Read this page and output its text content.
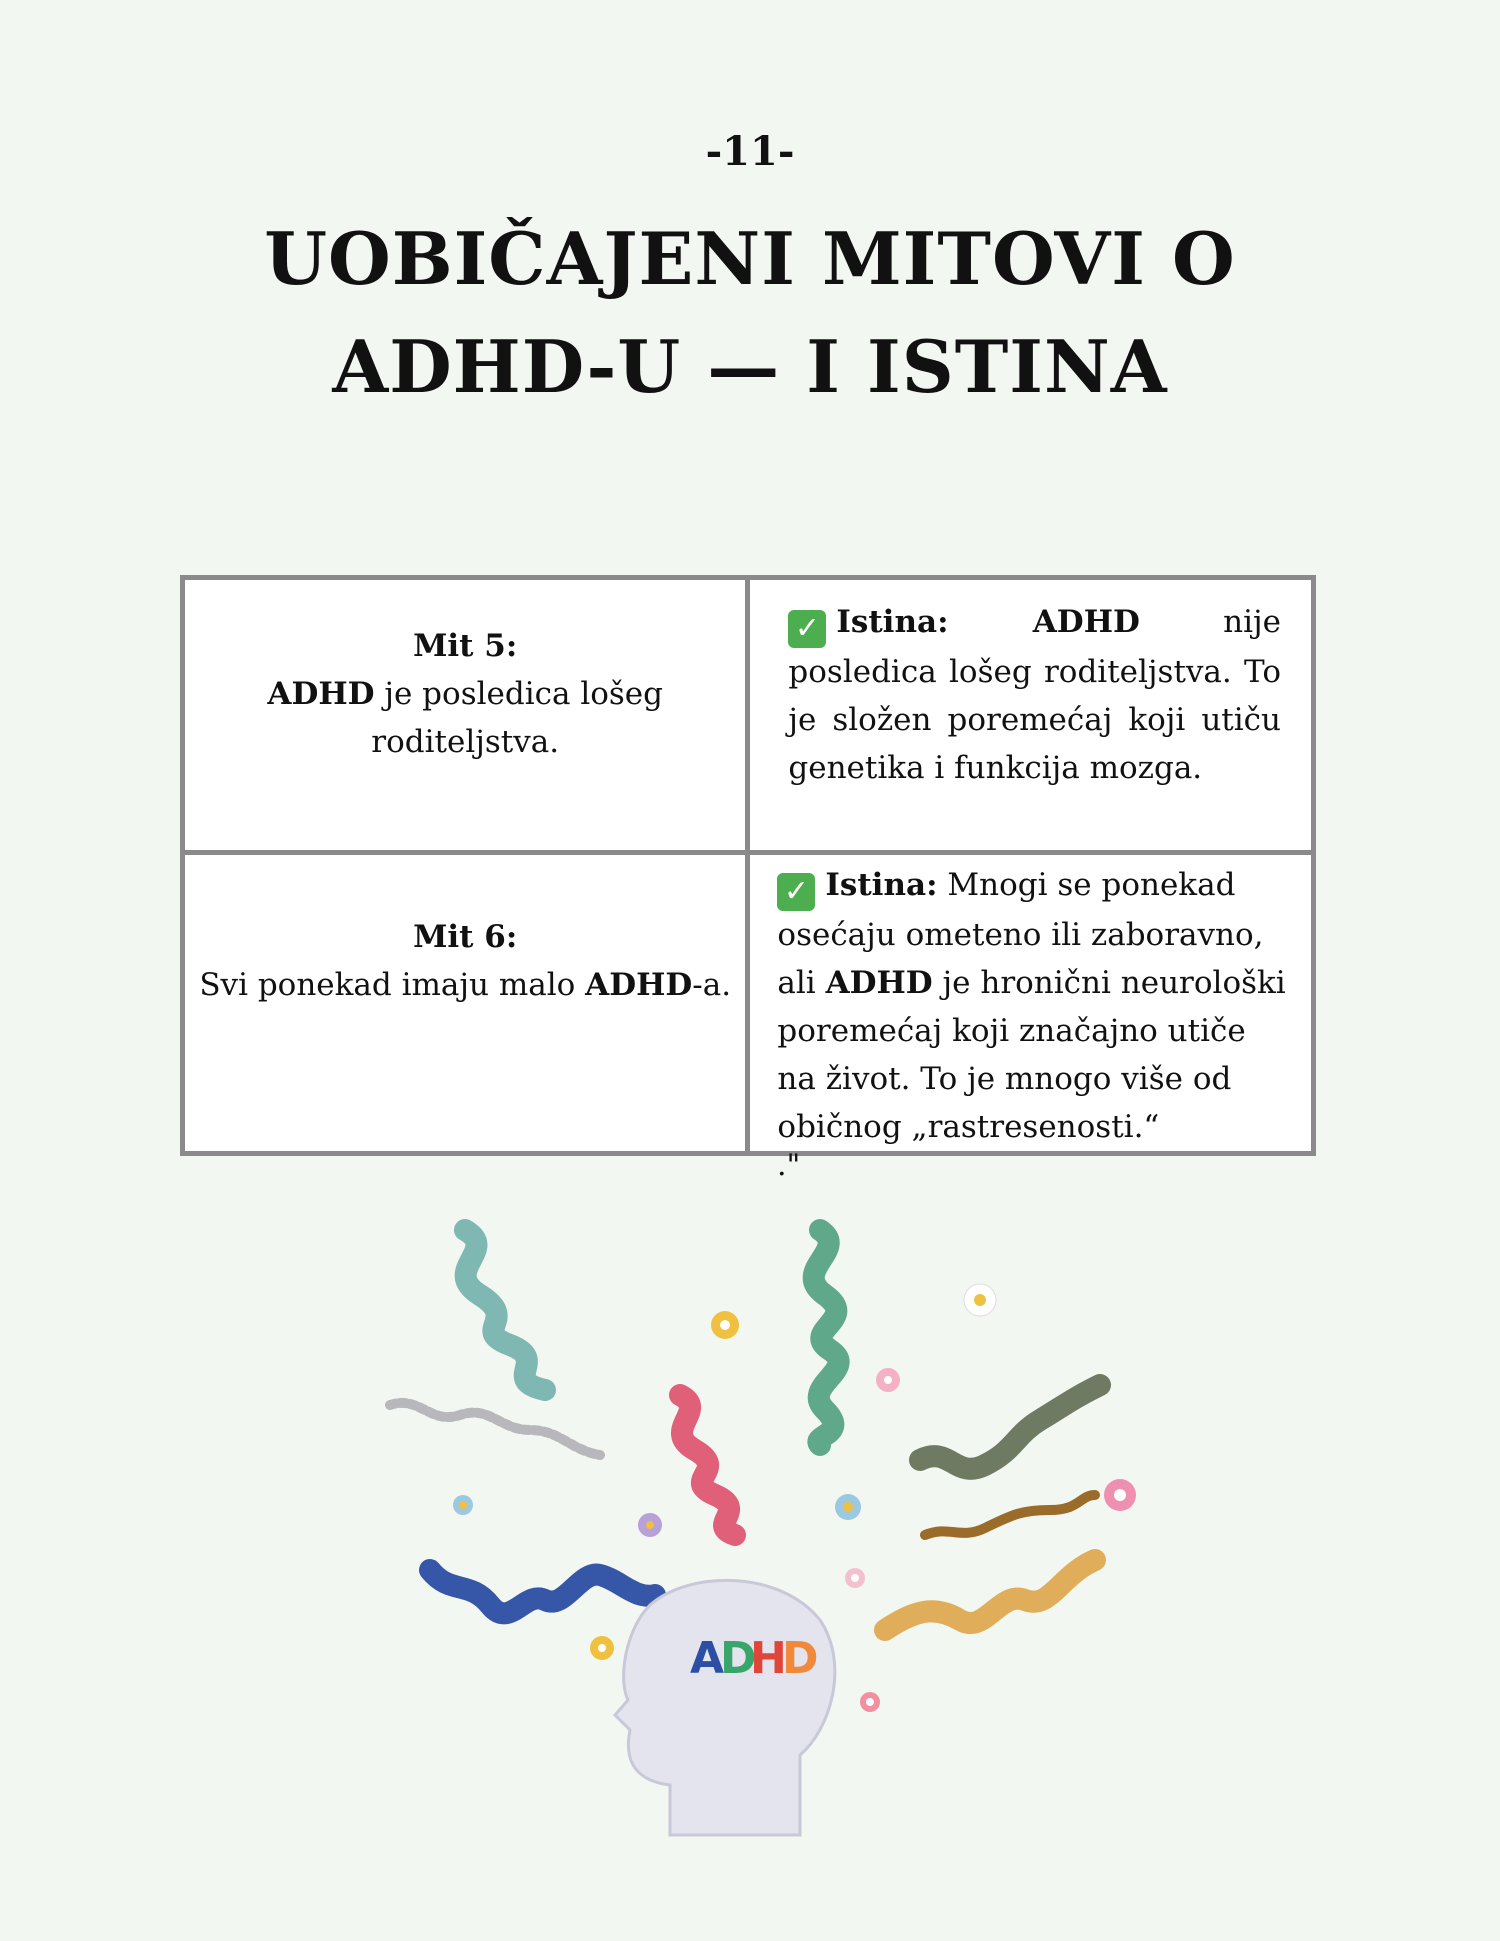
-11-
UOBIČAJENI MITOVI O
ADHD-U — I ISTINA
Mit 5:
ADHD je posledica lošeg roditeljstva.	✓ Istina: ADHD nije posledica lošeg roditeljstva. To je složen poremećaj koji utiču genetika i funkcija mozga.

Mit 6:
Svi ponekad imaju malo ADHD-a.	✓ Istina: Mnogi se ponekad osećaju ometeno ili zaboravno, ali ADHD je hronični neurološki poremećaj koji značajno utiče na život. To je mnogo više od običnog „rastresenosti.“
."
A
D
H
D
